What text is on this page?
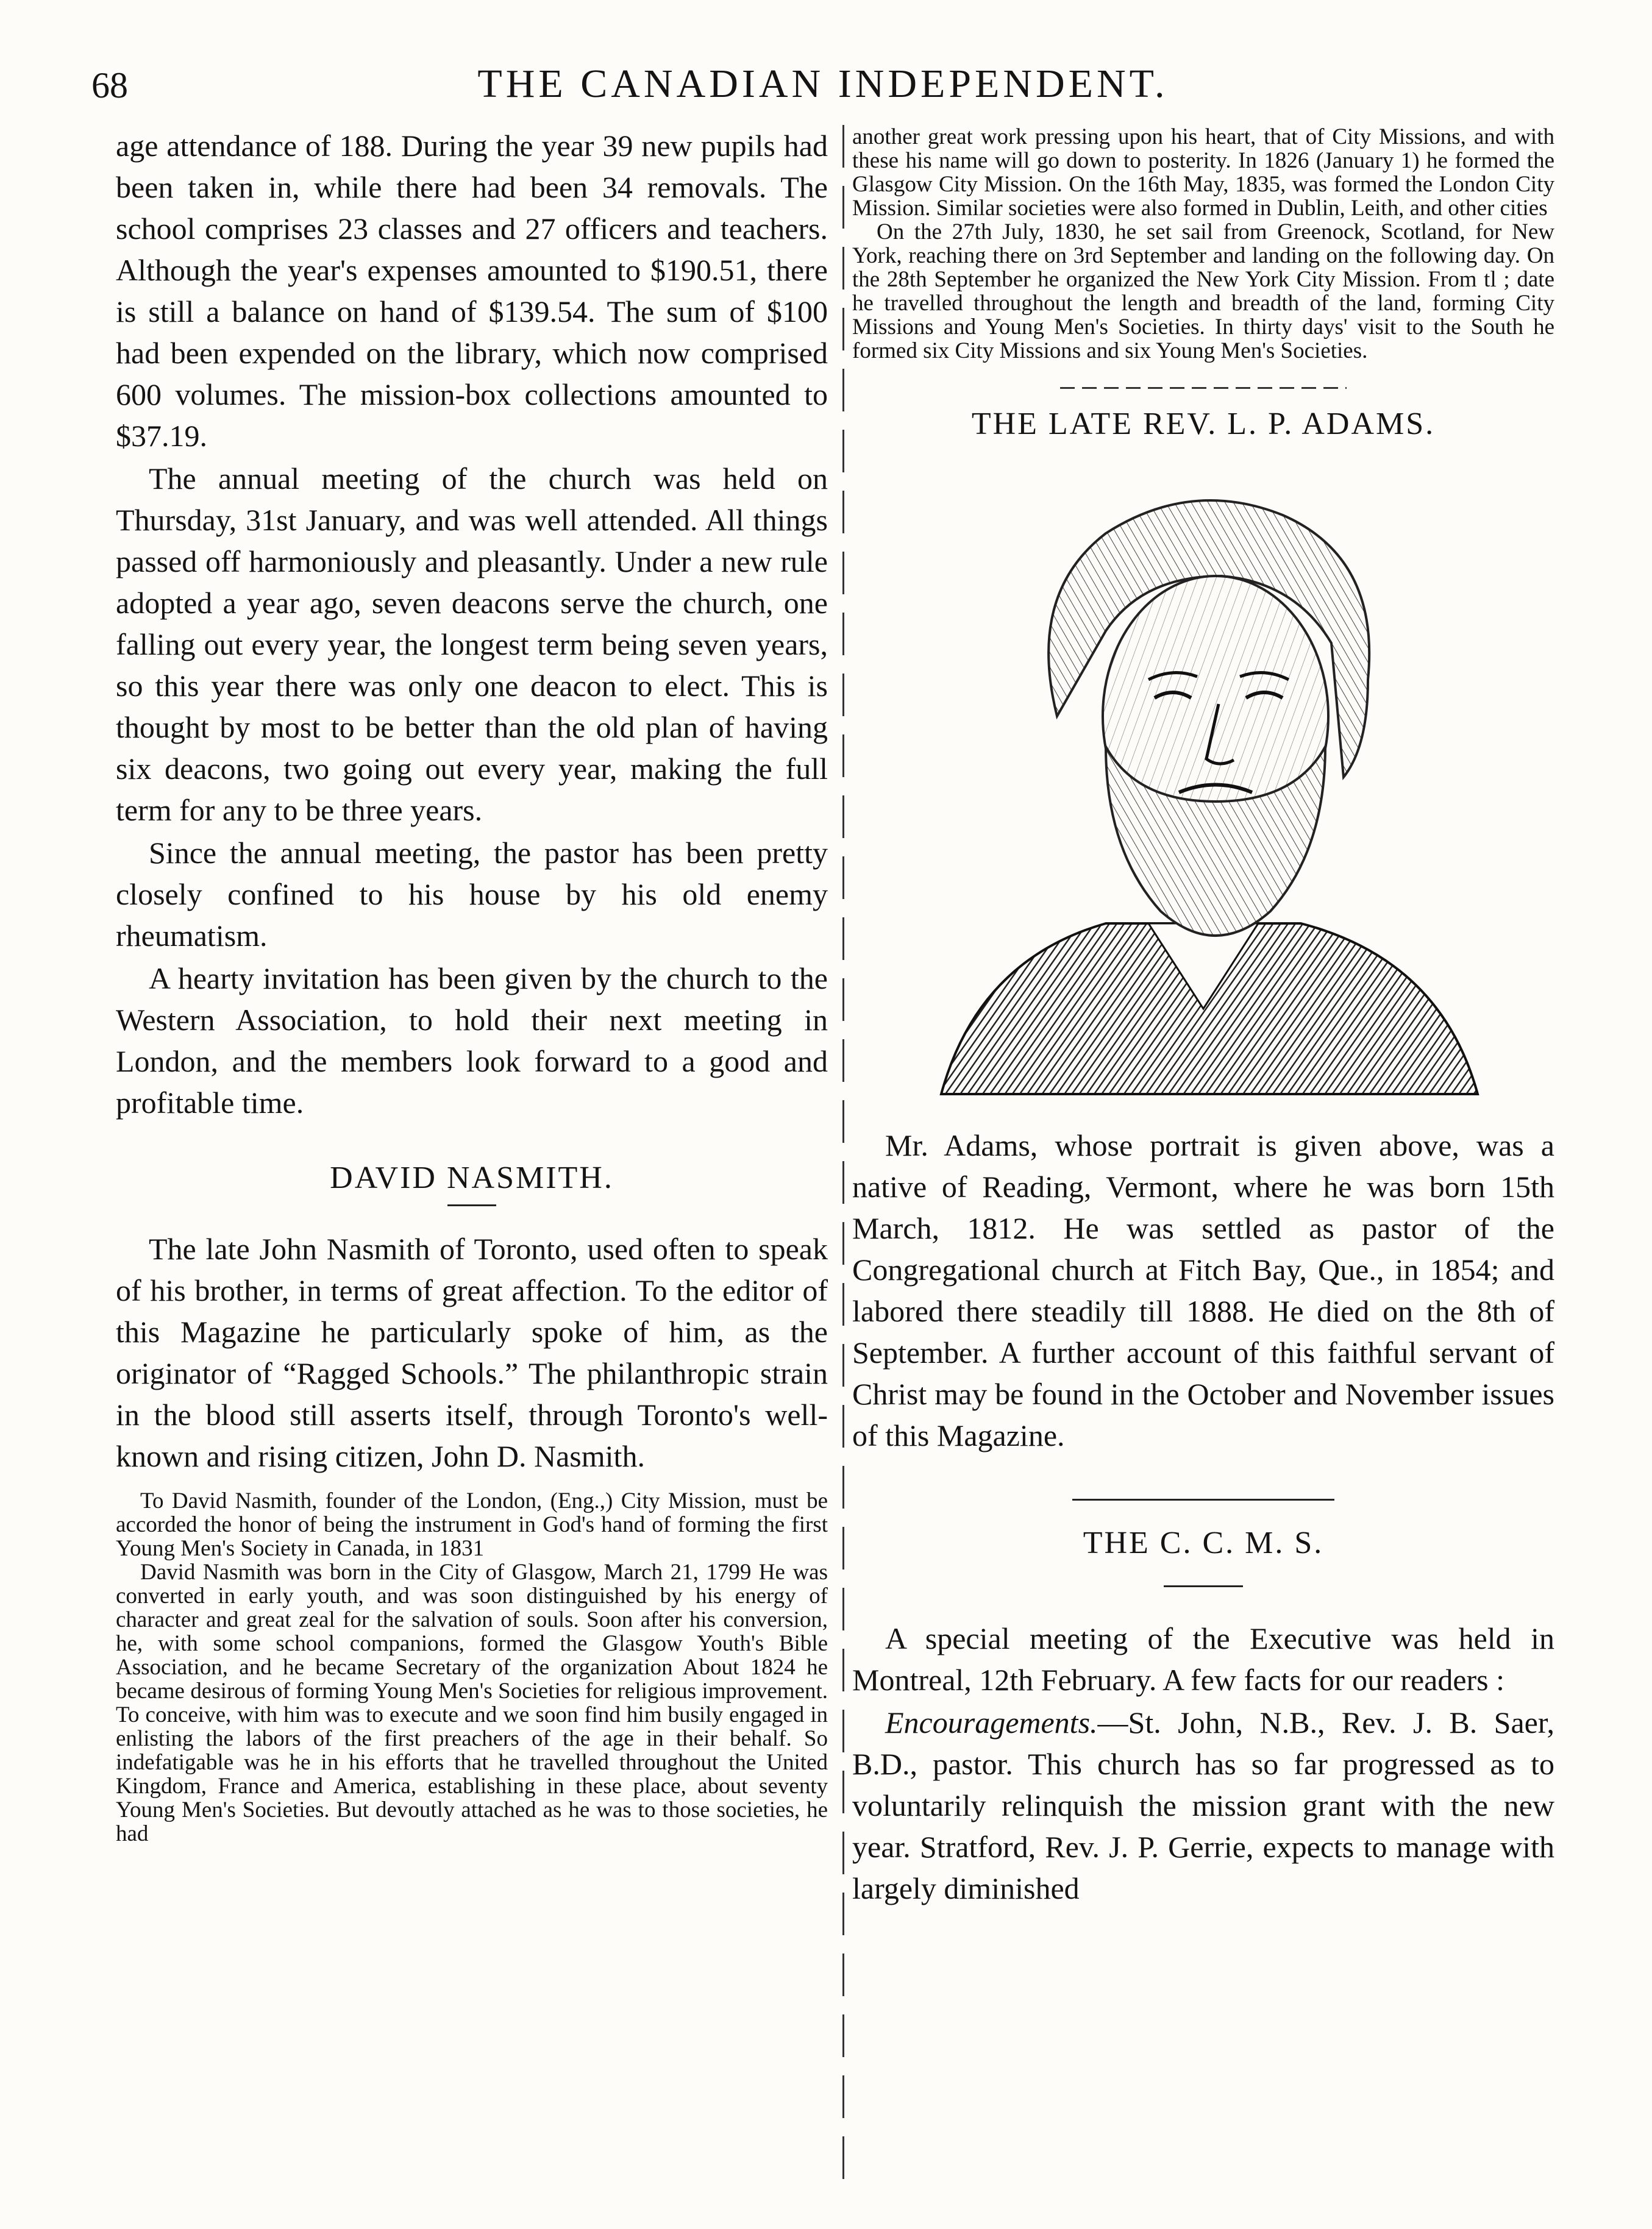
68	THE CANADIAN INDEPENDENT.

age attendance of 188. During the year 39 new pupils had been taken in, while there had been 34 removals. The school comprises 23 classes and 27 officers and teachers. Although the year's expenses amounted to $190.51, there is still a balance on hand of $139.54. The sum of $100 had been expended on the library, which now comprised 600 volumes. The mission-box collections amounted to $37.19.

The annual meeting of the church was held on Thursday, 31st January, and was well attended. All things passed off harmoniously and pleasantly. Under a new rule adopted a year ago, seven deacons serve the church, one falling out every year, the longest term being seven years, so this year there was only one deacon to elect. This is thought by most to be better than the old plan of having six deacons, two going out every year, making the full term for any to be three years.

Since the annual meeting, the pastor has been pretty closely confined to his house by his old enemy rheumatism.

A hearty invitation has been given by the church to the Western Association, to hold their next meeting in London, and the members look forward to a good and profitable time.

DAVID NASMITH.

The late John Nasmith of Toronto, used often to speak of his brother, in terms of great affection. To the editor of this Magazine he particularly spoke of him, as the originator of “Ragged Schools.” The philanthropic strain in the blood still asserts itself, through Toronto's well-known and rising citizen, John D. Nasmith.

To David Nasmith, founder of the London, (Eng.,) City Mission, must be accorded the honor of being the instrument in God's hand of forming the first Young Men's Society in Canada, in 1831

David Nasmith was born in the City of Glasgow, March 21, 1799 He was converted in early youth, and was soon distinguished by his energy of character and great zeal for the salvation of souls. Soon after his conversion, he, with some school companions, formed the Glasgow Youth's Bible Association, and he became Secretary of the organization About 1824 he became desirous of forming Young Men's Societies for religious improvement. To conceive, with him was to execute and we soon find him busily engaged in enlisting the labors of the first preachers of the age in their behalf. So indefatigable was he in his efforts that he travelled throughout the United Kingdom, France and America, establishing in these place, about seventy Young Men's Societies. But devoutly attached as he was to those societies, he had

another great work pressing upon his heart, that of City Missions, and with these his name will go down to posterity. In 1826 (January 1) he formed the Glasgow City Mission. On the 16th May, 1835, was formed the London City Mission. Similar societies were also formed in Dublin, Leith, and other cities

On the 27th July, 1830, he set sail from Greenock, Scotland, for New York, reaching there on 3rd September and landing on the following day. On the 28th September he organized the New York City Mission. From tl ; date he travelled throughout the length and breadth of the land, forming City Missions and Young Men's Societies. In thirty days' visit to the South he formed six City Missions and six Young Men's Societies.

THE LATE REV. L. P. ADAMS.

Mr. Adams, whose portrait is given above, was a native of Reading, Vermont, where he was born 15th March, 1812. He was settled as pastor of the Congregational church at Fitch Bay, Que., in 1854; and labored there steadily till 1888. He died on the 8th of September. A further account of this faithful servant of Christ may be found in the October and November issues of this Magazine.

THE C. C. M. S.

A special meeting of the Executive was held in Montreal, 12th February. A few facts for our readers :

Encouragements.—St. John, N.B., Rev. J. B. Saer, B.D., pastor. This church has so far progressed as to voluntarily relinquish the mission grant with the new year. Stratford, Rev. J. P. Gerrie, expects to manage with largely diminished
